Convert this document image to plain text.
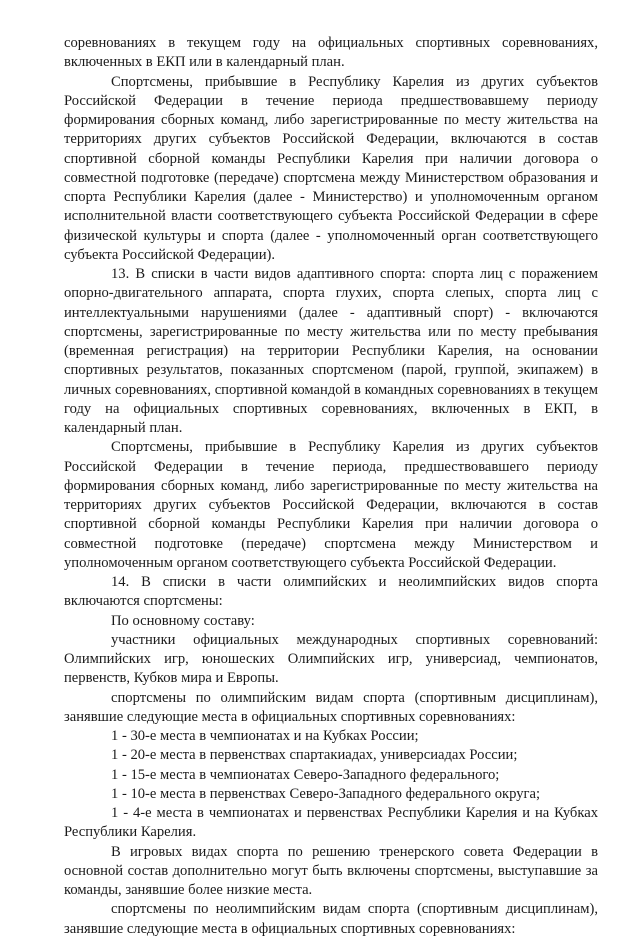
соревнованиях в текущем году на официальных спортивных соревнованиях, включенных в ЕКП или в календарный план.

Спортсмены, прибывшие в Республику Карелия из других субъектов Российской Федерации в течение периода предшествовавшему периоду формирования сборных команд, либо зарегистрированные по месту жительства на территориях других субъектов Российской Федерации, включаются в состав спортивной сборной команды Республики Карелия при наличии договора о совместной подготовке (передаче) спортсмена между Министерством образования и спорта Республики Карелия (далее - Министерство) и уполномоченным органом исполнительной власти соответствующего субъекта Российской Федерации в сфере физической культуры и спорта (далее - уполномоченный орган соответствующего субъекта Российской Федерации).

13. В списки в части видов адаптивного спорта: спорта лиц с поражением опорно-двигательного аппарата, спорта глухих, спорта слепых, спорта лиц с интеллектуальными нарушениями (далее - адаптивный спорт) - включаются спортсмены, зарегистрированные по месту жительства или по месту пребывания (временная регистрация) на территории Республики Карелия, на основании спортивных результатов, показанных спортсменом (парой, группой, экипажем) в личных соревнованиях, спортивной командой в командных соревнованиях в текущем году на официальных спортивных соревнованиях, включенных в ЕКП, в календарный план.

Спортсмены, прибывшие в Республику Карелия из других субъектов Российской Федерации в течение периода, предшествовавшего периоду формирования сборных команд, либо зарегистрированные по месту жительства на территориях других субъектов Российской Федерации, включаются в состав спортивной сборной команды Республики Карелия при наличии договора о совместной подготовке (передаче) спортсмена между Министерством и уполномоченным органом соответствующего субъекта Российской Федерации.

14. В списки в части олимпийских и неолимпийских видов спорта включаются спортсмены:

По основному составу:

участники официальных международных спортивных соревнований: Олимпийских игр, юношеских Олимпийских игр, универсиад, чемпионатов, первенств, Кубков мира и Европы.

спортсмены по олимпийским видам спорта (спортивным дисциплинам), занявшие следующие места в официальных спортивных соревнованиях:

1 - 30-е места в чемпионатах и на Кубках России;

1 - 20-е места в первенствах спартакиадах, универсиадах России;

1 - 15-е места в чемпионатах Северо-Западного федерального;

1 - 10-е места в первенствах Северо-Западного федерального округа;

1 - 4-е места в чемпионатах и первенствах Республики Карелия и на Кубках Республики Карелия.

В игровых видах спорта по решению тренерского совета Федерации в основной состав дополнительно могут быть включены спортсмены, выступавшие за команды, занявшие более низкие места.

спортсмены по неолимпийским видам спорта (спортивным дисциплинам), занявшие следующие места в официальных спортивных соревнованиях:
